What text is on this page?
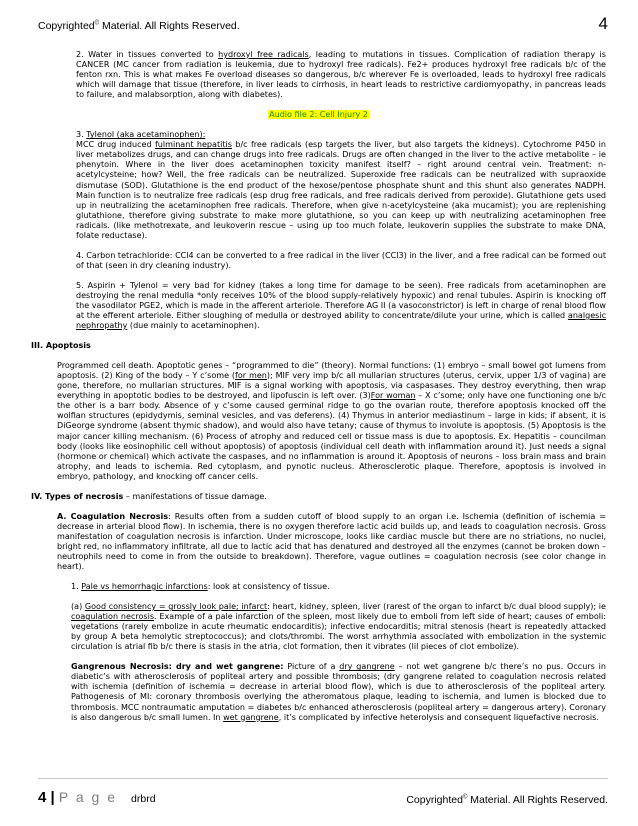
Copyrighted© Material. All Rights Reserved.	4

2. Water in tissues converted to hydroxyl free radicals, leading to mutations in tissues. Complication of radiation therapy is CANCER (MC cancer from radiation is leukemia, due to hydroxyl free radicals). Fe2+ produces hydroxyl free radicals b/c of the fenton rxn. This is what makes Fe overload diseases so dangerous, b/c wherever Fe is overloaded, leads to hydroxyl free radicals which will damage that tissue (therefore, in liver leads to cirrhosis, in heart leads to restrictive cardiomyopathy, in pancreas leads to failure, and malabsorption, along with diabetes).

Audio file 2: Cell Injury 2

3. Tylenol (aka acetaminophen):
MCC drug induced fulminant hepatitis b/c free radicals (esp targets the liver, but also targets the kidneys). Cytochrome P450 in liver metabolizes drugs, and can change drugs into free radicals. Drugs are often changed in the liver to the active metabolite – ie phenytoin. Where in the liver does acetaminophen toxicity manifest itself? – right around central vein. Treatment: n-acetylcysteine; how? Well, the free radicals can be neutralized. Superoxide free radicals can be neutralized with supraoxide dismutase (SOD). Glutathione is the end product of the hexose/pentose phosphate shunt and this shunt also generates NADPH. Main function is to neutralize free radicals (esp drug free radicals, and free radicals derived from peroxide). Glutathione gets used up in neutralizing the acetaminophen free radicals. Therefore, when give n-acetylcysteine (aka mucamist); you are replenishing glutathione, therefore giving substrate to make more glutathione, so you can keep up with neutralizing acetaminophen free radicals. (like methotrexate, and leukoverin rescue – using up too much folate, leukoverin supplies the substrate to make DNA, folate reductase).

4. Carbon tetrachloride: CCl4 can be converted to a free radical in the liver (CCl3) in the liver, and a free radical can be formed out of that (seen in dry cleaning industry).

5. Aspirin + Tylenol = very bad for kidney (takes a long time for damage to be seen). Free radicals from acetaminophen are destroying the renal medulla *only receives 10% of the blood supply-relatively hypoxic) and renal tubules. Aspirin is knocking off the vasodilator PGE2, which is made in the afferent arteriole. Therefore AG II (a vasoconstrictor) is left in charge of renal blood flow at the efferent arteriole. Either sloughing of medulla or destroyed ability to concentrate/dilute your urine, which is called analgesic nephropathy (due mainly to acetaminophen).

III. Apoptosis

Programmed cell death. Apoptotic genes – “programmed to die” (theory). Normal functions: (1) embryo – small bowel got lumens from apoptosis. (2) King of the body – Y c’some (for men); MIF very imp b/c all mullarian structures (uterus, cervix, upper 1/3 of vagina) are gone, therefore, no mullarian structures. MIF is a signal working with apoptosis, via caspasases. They destroy everything, then wrap everything in apoptotic bodies to be destroyed, and lipofuscin is left over. (3)For woman – X c’some; only have one functioning one b/c the other is a barr body. Absence of y c’some caused germinal ridge to go the ovarian route, therefore apoptosis knocked off the wolfian structures (epidydymis, seminal vesicles, and vas deferens). (4) Thymus in anterior mediastinum – large in kids; if absent, it is DiGeorge syndrome (absent thymic shadow), and would also have tetany; cause of thymus to involute is apoptosis. (5) Apoptosis is the major cancer killing mechanism. (6) Process of atrophy and reduced cell or tissue mass is due to apoptosis. Ex. Hepatitis – councilman body (looks like eosinophilic cell without apoptosis) of apoptosis (individual cell death with inflammation around it). Just needs a signal (hormone or chemical) which activate the caspases, and no inflammation is around it. Apoptosis of neurons – loss brain mass and brain atrophy, and leads to ischemia. Red cytoplasm, and pynotic nucleus. Atherosclerotic plaque. Therefore, apoptosis is involved in embryo, pathology, and knocking off cancer cells.

IV. Types of necrosis – manifestations of tissue damage.

A. Coagulation Necrosis: Results often from a sudden cutoff of blood supply to an organ i.e. Ischemia (definition of ischemia = decrease in arterial blood flow). In ischemia, there is no oxygen therefore lactic acid builds up, and leads to coagulation necrosis. Gross manifestation of coagulation necrosis is infarction. Under microscope, looks like cardiac muscle but there are no striations, no nuclei, bright red, no inflammatory infiltrate, all due to lactic acid that has denatured and destroyed all the enzymes (cannot be broken down – neutrophils need to come in from the outside to breakdown). Therefore, vague outlines = coagulation necrosis (see color change in heart).

1. Pale vs hemorrhagic infarctions: look at consistency of tissue.

(a) Good consistency = grossly look pale; infarct: heart, kidney, spleen, liver (rarest of the organ to infarct b/c dual blood supply); ie coagulation necrosis. Example of a pale infarction of the spleen, most likely due to emboli from left side of heart; causes of emboli: vegetations (rarely embolize in acute rheumatic endocarditis); infective endocarditis; mitral stenosis (heart is repeatedly attacked by group A beta hemolytic streptococcus); and clots/thrombi. The worst arrhythmia associated with embolization in the systemic circulation is atrial fib b/c there is stasis in the atria, clot formation, then it vibrates (lil pieces of clot embolize).

Gangrenous Necrosis: dry and wet gangrene: Picture of a dry gangrene – not wet gangrene b/c there’s no pus. Occurs in diabetic’s with atherosclerosis of popliteal artery and possible thrombosis; (dry gangrene related to coagulation necrosis related with ischemia (definition of ischemia = decrease in arterial blood flow), which is due to atherosclerosis of the popliteal artery. Pathogenesis of MI: coronary thrombosis overlying the atheromatous plaque, leading to ischemia, and lumen is blocked due to thrombosis. MCC nontraumatic amputation = diabetes b/c enhanced atherosclerosis (popliteal artery = dangerous artery). Coronary is also dangerous b/c small lumen. In wet gangrene, it’s complicated by infective heterolysis and consequent liquefactive necrosis.

4 | P a g e drbrd	Copyrighted© Material. All Rights Reserved.
